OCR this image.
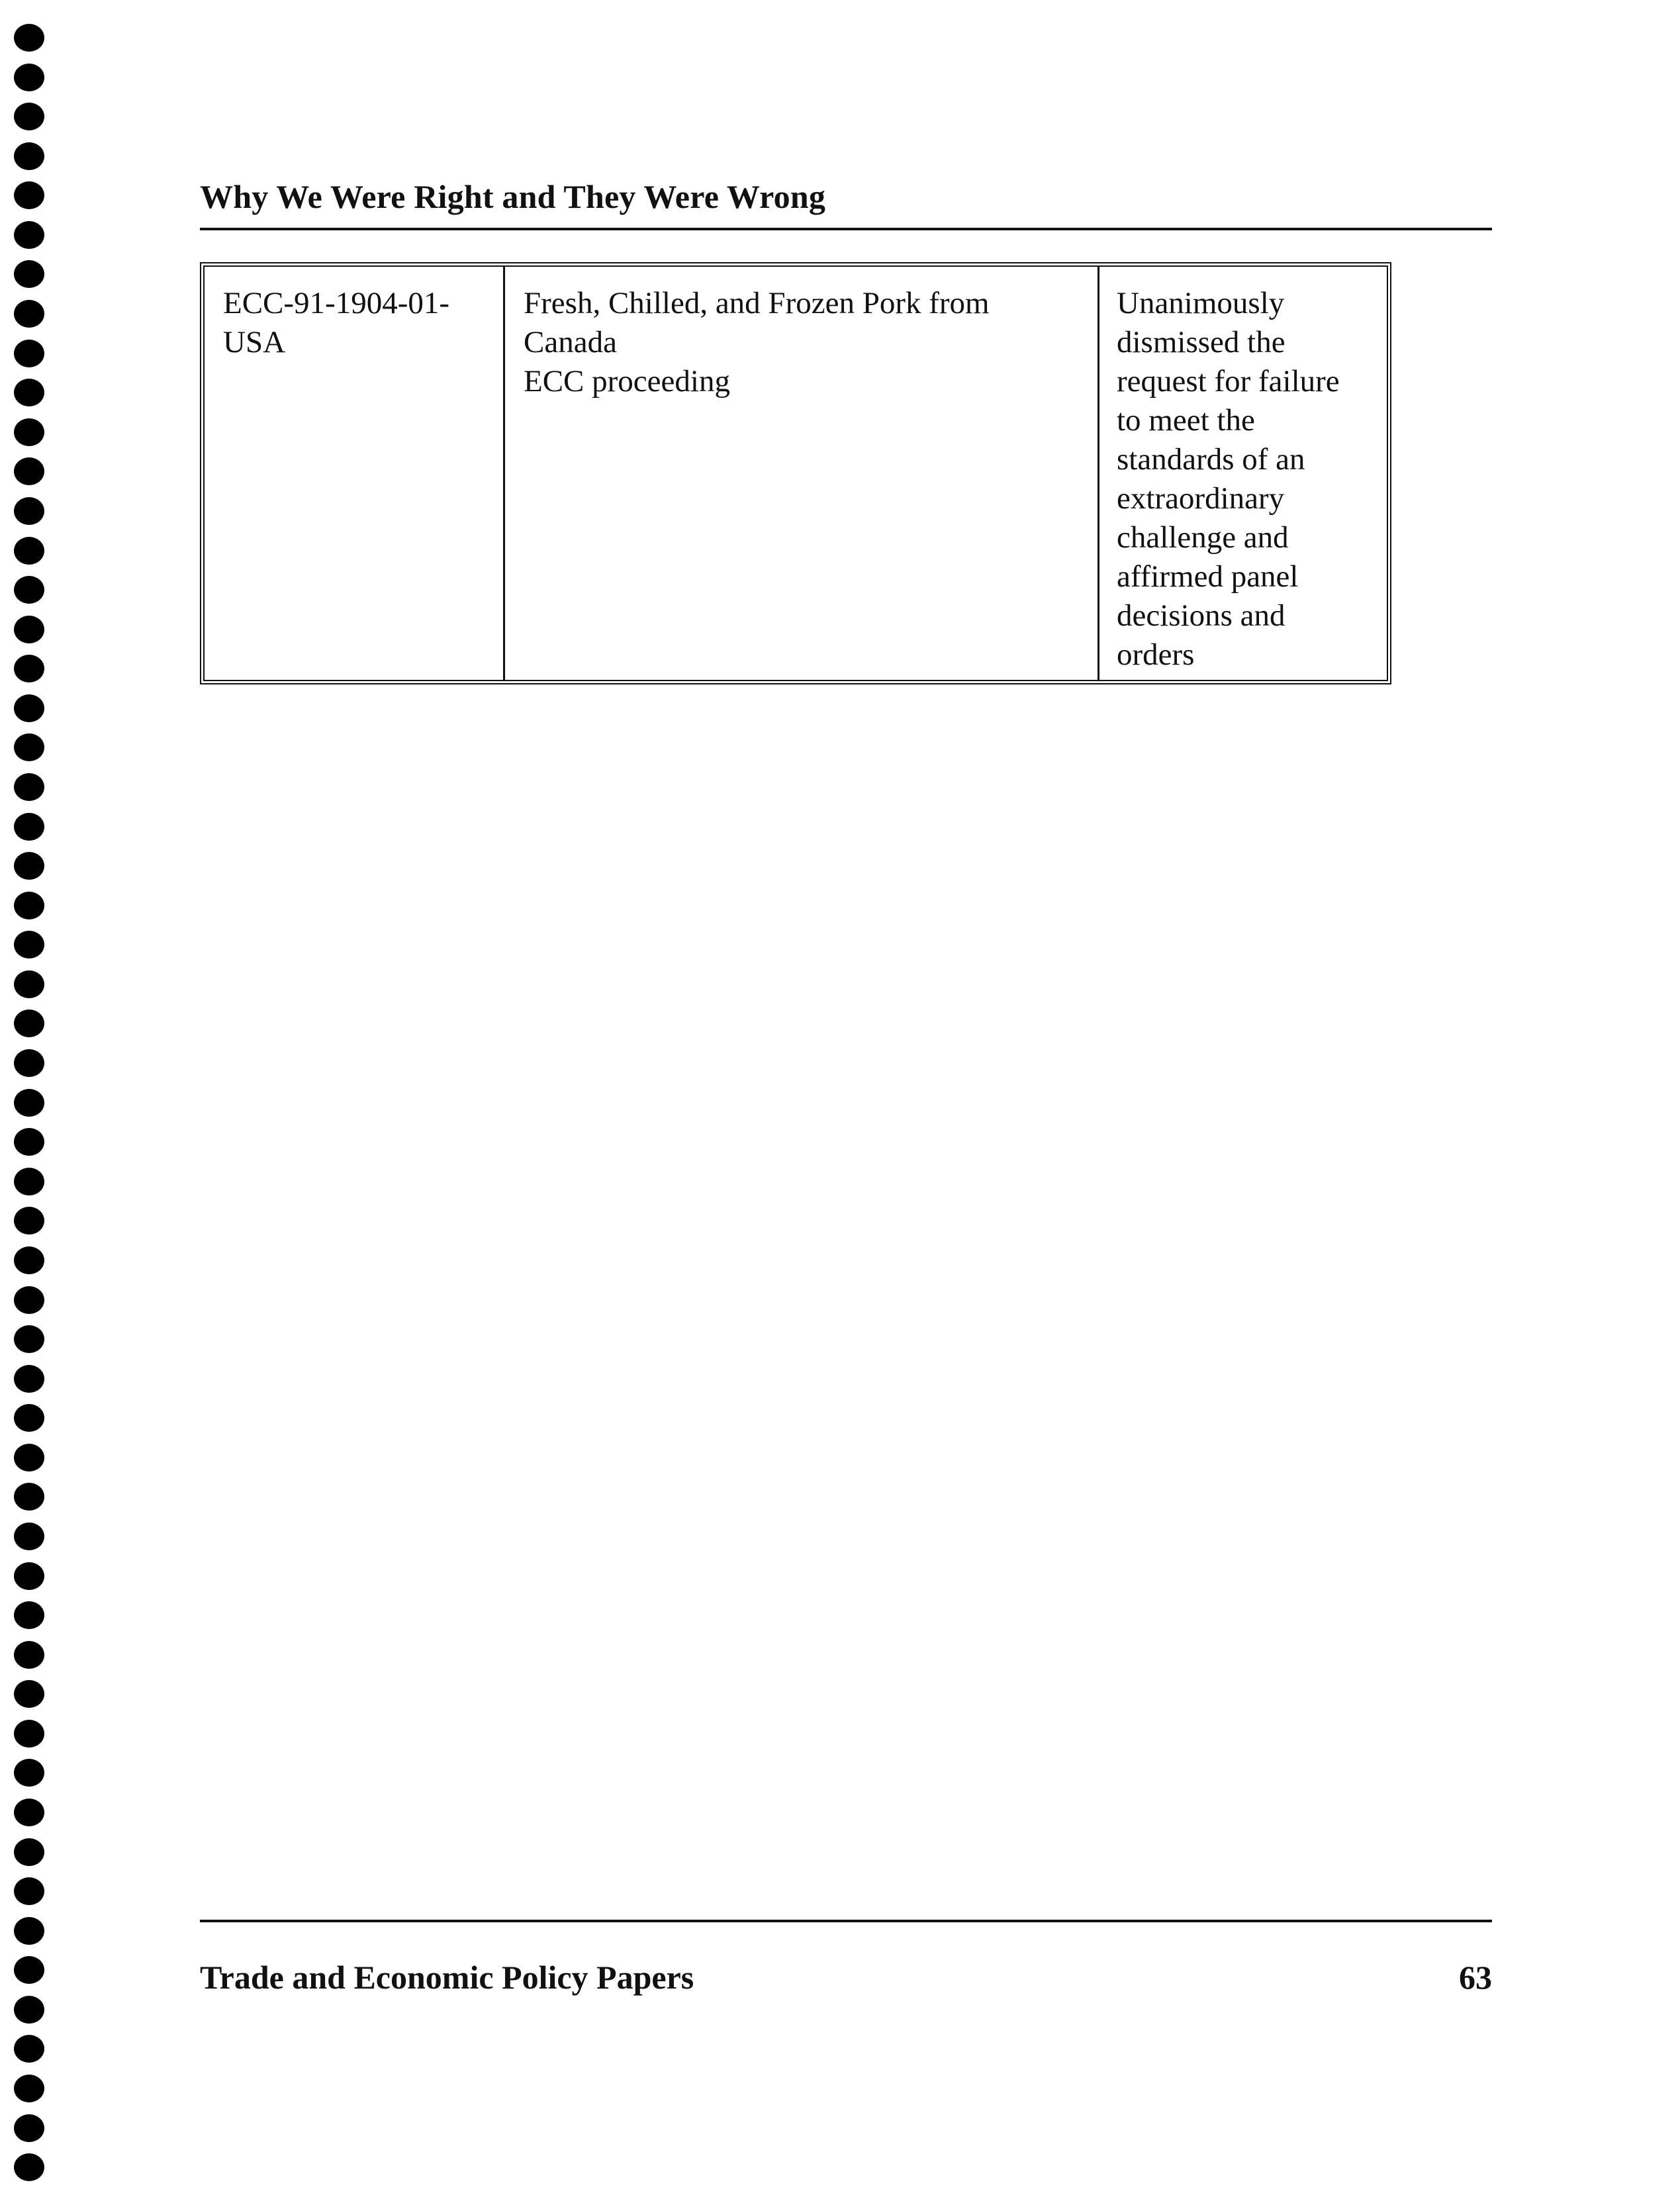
Why We Were Right and They Were Wrong
ECC-91-1904-01-
USA
Fresh, Chilled, and Frozen Pork from
Canada
ECC proceeding
Unanimously
dismissed the
request for failure
to meet the
standards of an
extraordinary
challenge and
affirmed panel
decisions and
orders
Trade and Economic Policy Papers	63
